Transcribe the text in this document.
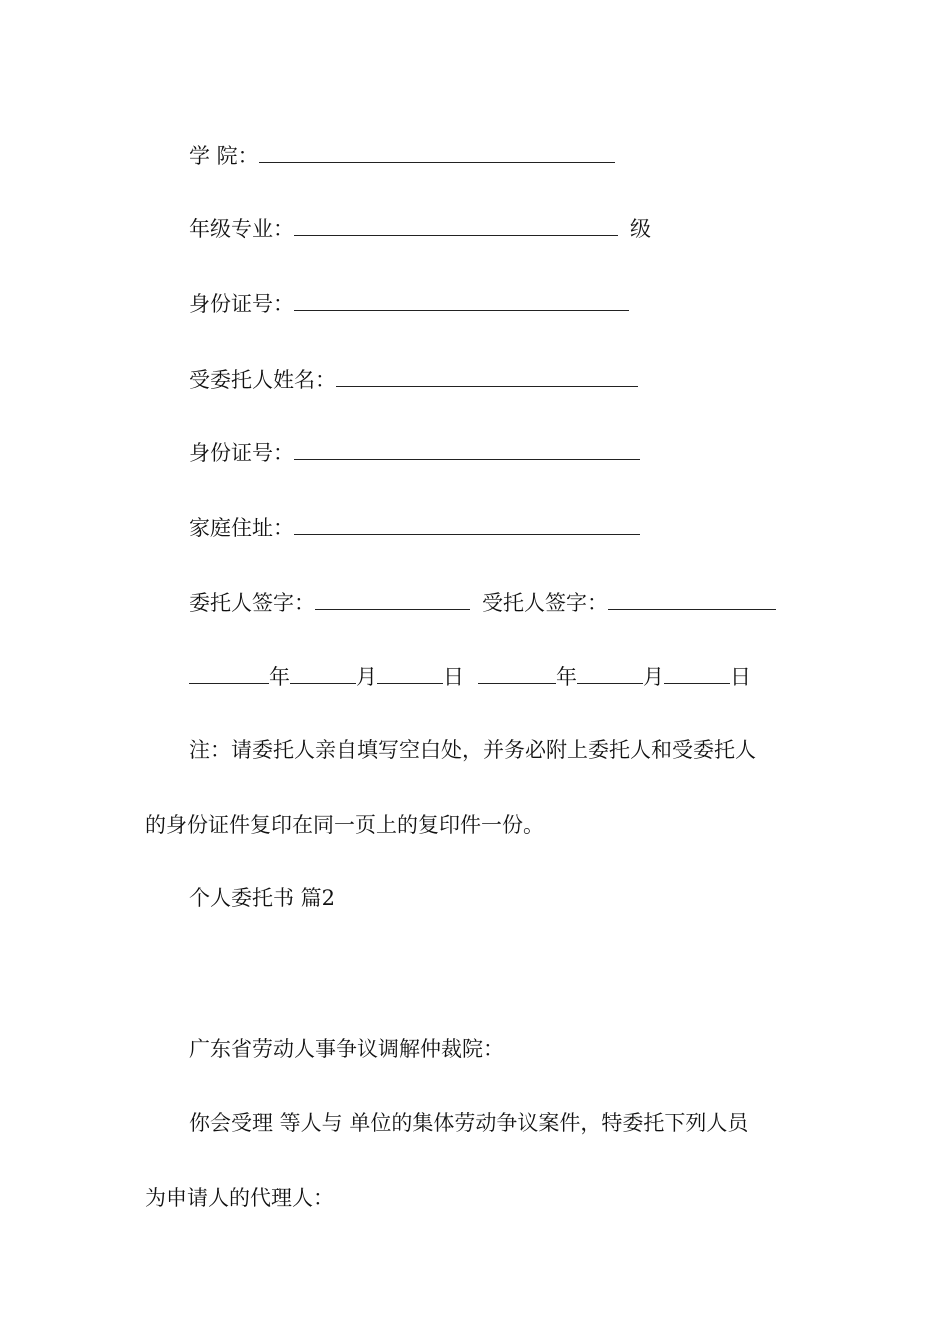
学 院：
年级专业：	级
身份证号：
受委托人姓名：
身份证号：
家庭住址：
委托人签字：	受托人签字：
年	月	日	年	月	日
注：请委托人亲自填写空白处，并务必附上委托人和受委托人
的身份证件复印在同一页上的复印件一份。
个人委托书 篇2
广东省劳动人事争议调解仲裁院：
你会受理 等人与 单位的集体劳动争议案件，特委托下列人员
为申请人的代理人：
